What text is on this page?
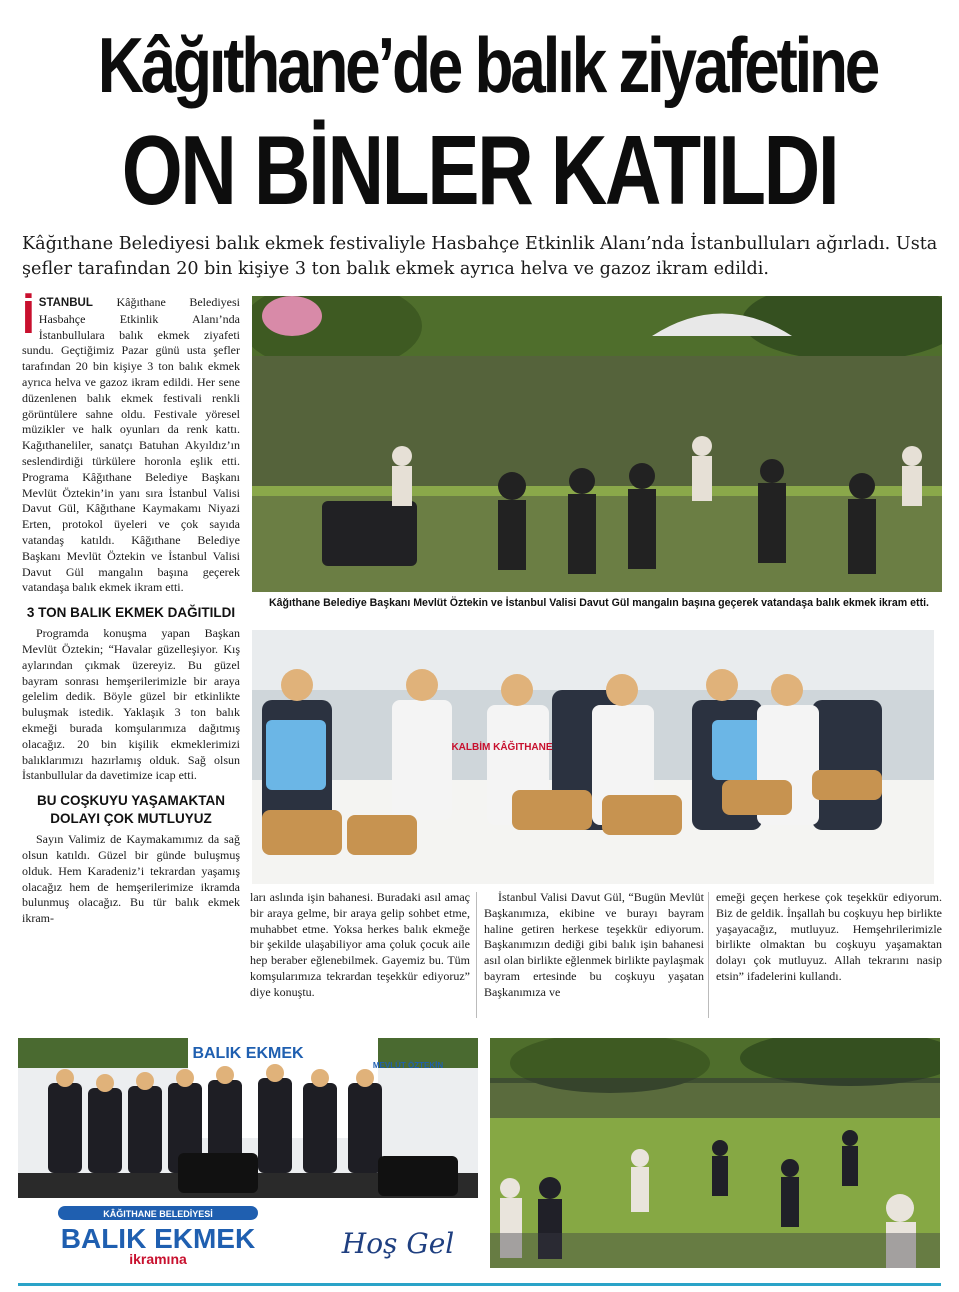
Kâğıthane’de balık ziyafetine
ON BİNLER KATILDI
Kâğıthane Belediyesi balık ekmek festivaliyle Hasbahçe Etkinlik Alanı’nda İstanbulluları ağırladı. Usta şefler tarafından 20 bin kişiye 3 ton balık ekmek ayrıca helva ve gazoz ikram edildi.
İ STANBUL Kâğıthane Belediyesi Hasbahçe Etkinlik Alanı’nda İstanbullulara balık ekmek ziyafeti sundu. Geçtiğimiz Pazar günü usta şefler tarafından 20 bin kişiye 3 ton balık ekmek ayrıca helva ve gazoz ikram edildi. Her sene düzenlenen balık ekmek festivali renkli görüntülere sahne oldu. Festivale yöresel müzikler ve halk oyunları da renk kattı. Kağıthaneliler, sanatçı Batuhan Akyıldız’ın seslendirdiği türkülere horonla eşlik etti. Programa Kâğıthane Belediye Başkanı Mevlüt Öztekin’in yanı sıra İstanbul Valisi Davut Gül, Kâğıthane Kaymakamı Niyazi Erten, protokol üyeleri ve çok sayıda vatandaş katıldı. Kâğıthane Belediye Başkanı Mevlüt Öztekin ve İstanbul Valisi Davut Gül mangalın başına geçerek vatandaşa balık ekmek ikram etti.
3 TON BALIK EKMEK DAĞITILDI
Programda konuşma yapan Başkan Mevlüt Öztekin; “Havalar güzelleşiyor. Kış aylarından çıkmak üzereyiz. Bu güzel bayram sonrası hemşerilerimizle bir araya gelelim dedik. Böyle güzel bir etkinlikte buluşmak istedik. Yaklaşık 3 ton balık ekmeği burada komşularımıza dağıtmış olacağız. 20 bin kişilik ekmeklerimizi balıklarımızı hazırlamış olduk. Sağ olsun İstanbullular da davetimize icap etti.
BU COŞKUYU YAŞAMAKTAN
DOLAYI ÇOK MUTLUYUZ
Sayın Valimiz de Kaymakamımız da sağ olsun katıldı. Güzel bir günde buluşmuş olduk. Hem Karadeniz’i tekrardan yaşamış olacağız hem de hemşerilerimize ikramda bulunmuş olacağız. Bu tür balık ekmek ikram-
Kâğıthane Belediye Başkanı Mevlüt Öztekin ve İstanbul Valisi Davut Gül mangalın başına geçerek vatandaşa balık ekmek ikram etti.
KALBİM KÂĞITHANE
ları aslında işin bahanesi. Buradaki asıl amaç bir araya gelme, bir araya gelip sohbet etme, muhabbet etme. Yoksa herkes balık ekmeğe bir şekilde ulaşabiliyor ama çoluk çocuk aile hep beraber eğlenebilmek. Gayemiz bu. Tüm komşularımıza tekrardan teşekkür ediyoruz” diye konuştu.
İstanbul Valisi Davut Gül, “Bugün Mevlüt Başkanımıza, ekibine ve burayı bayram haline getiren herkese teşekkür ediyorum. Başkanımızın dediği gibi balık işin bahanesi asıl olan birlikte eğlenmek birlikte paylaşmak bayram ertesinde bu coşkuyu yaşatan Başkanımıza ve
emeği geçen herkese çok teşekkür ediyorum. Biz de geldik. İnşallah bu coşkuyu hep birlikte yaşayacağız, mutluyuz. Hemşehrilerimizle birlikte olmaktan bu coşkuyu yaşamaktan dolayı çok mutluyuz. Allah tekrarını nasip etsin” ifadelerini kullandı.
BALIK EKMEK
MEVLÜT ÖZTEKİN
KÂĞITHANE BELEDİYESİ
BALIK EKMEK
ikramına	Hoş Gel
